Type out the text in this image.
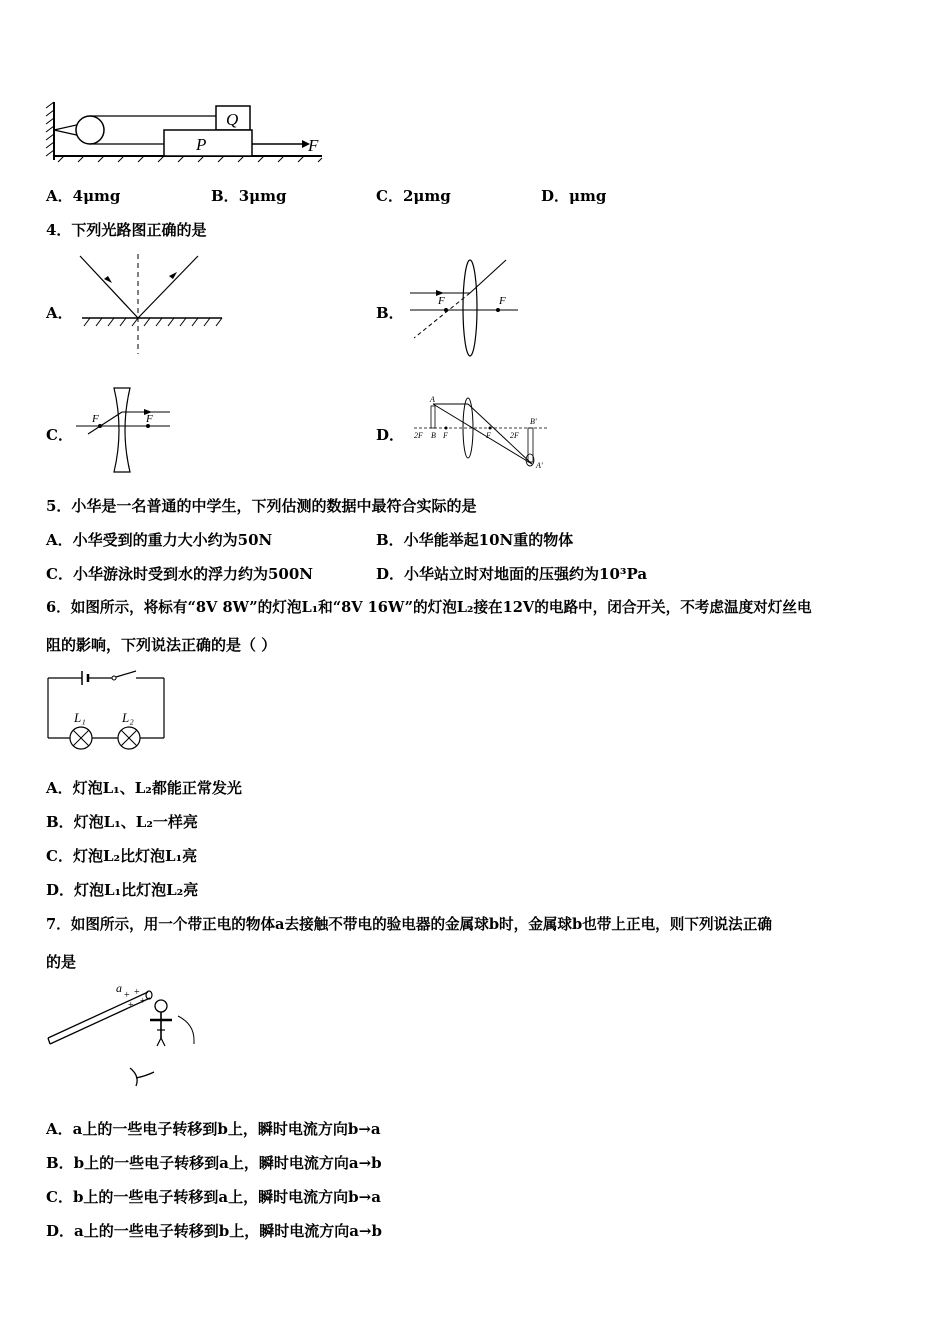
Q
P	F
A．4μmg	B．3μmg	C．2μmg	D．μmg
4．下列光路图正确的是
A．	B．
F	F
C．
F	F
D．
A
2F B F	F 2F
B'
A'
5．小华是一名普通的中学生，下列估测的数据中最符合实际的是
A．小华受到的重力大小约为50N	B．小华能举起10N重的物体
C．小华游泳时受到水的浮力约为500N	D．小华站立时对地面的压强约为10³Pa
6．如图所示，将标有“8V 8W”的灯泡L₁和“8V 16W”的灯泡L₂接在12V的电路中，闭合开关，不考虑温度对灯丝电
阻的影响，下列说法正确的是（ ）
L₁	L₂
A．灯泡L₁、L₂都能正常发光
B．灯泡L₁、L₂一样亮
C．灯泡L₂比灯泡L₁亮
D．灯泡L₁比灯泡L₂亮
7．如图所示，用一个带正电的物体a去接触不带电的验电器的金属球b时，金属球b也带上正电，则下列说法正确
的是
a
+ +
+
+
A．a上的一些电子转移到b上，瞬时电流方向b→a
B．b上的一些电子转移到a上，瞬时电流方向a→b
C．b上的一些电子转移到a上，瞬时电流方向b→a
D．a上的一些电子转移到b上，瞬时电流方向a→b
